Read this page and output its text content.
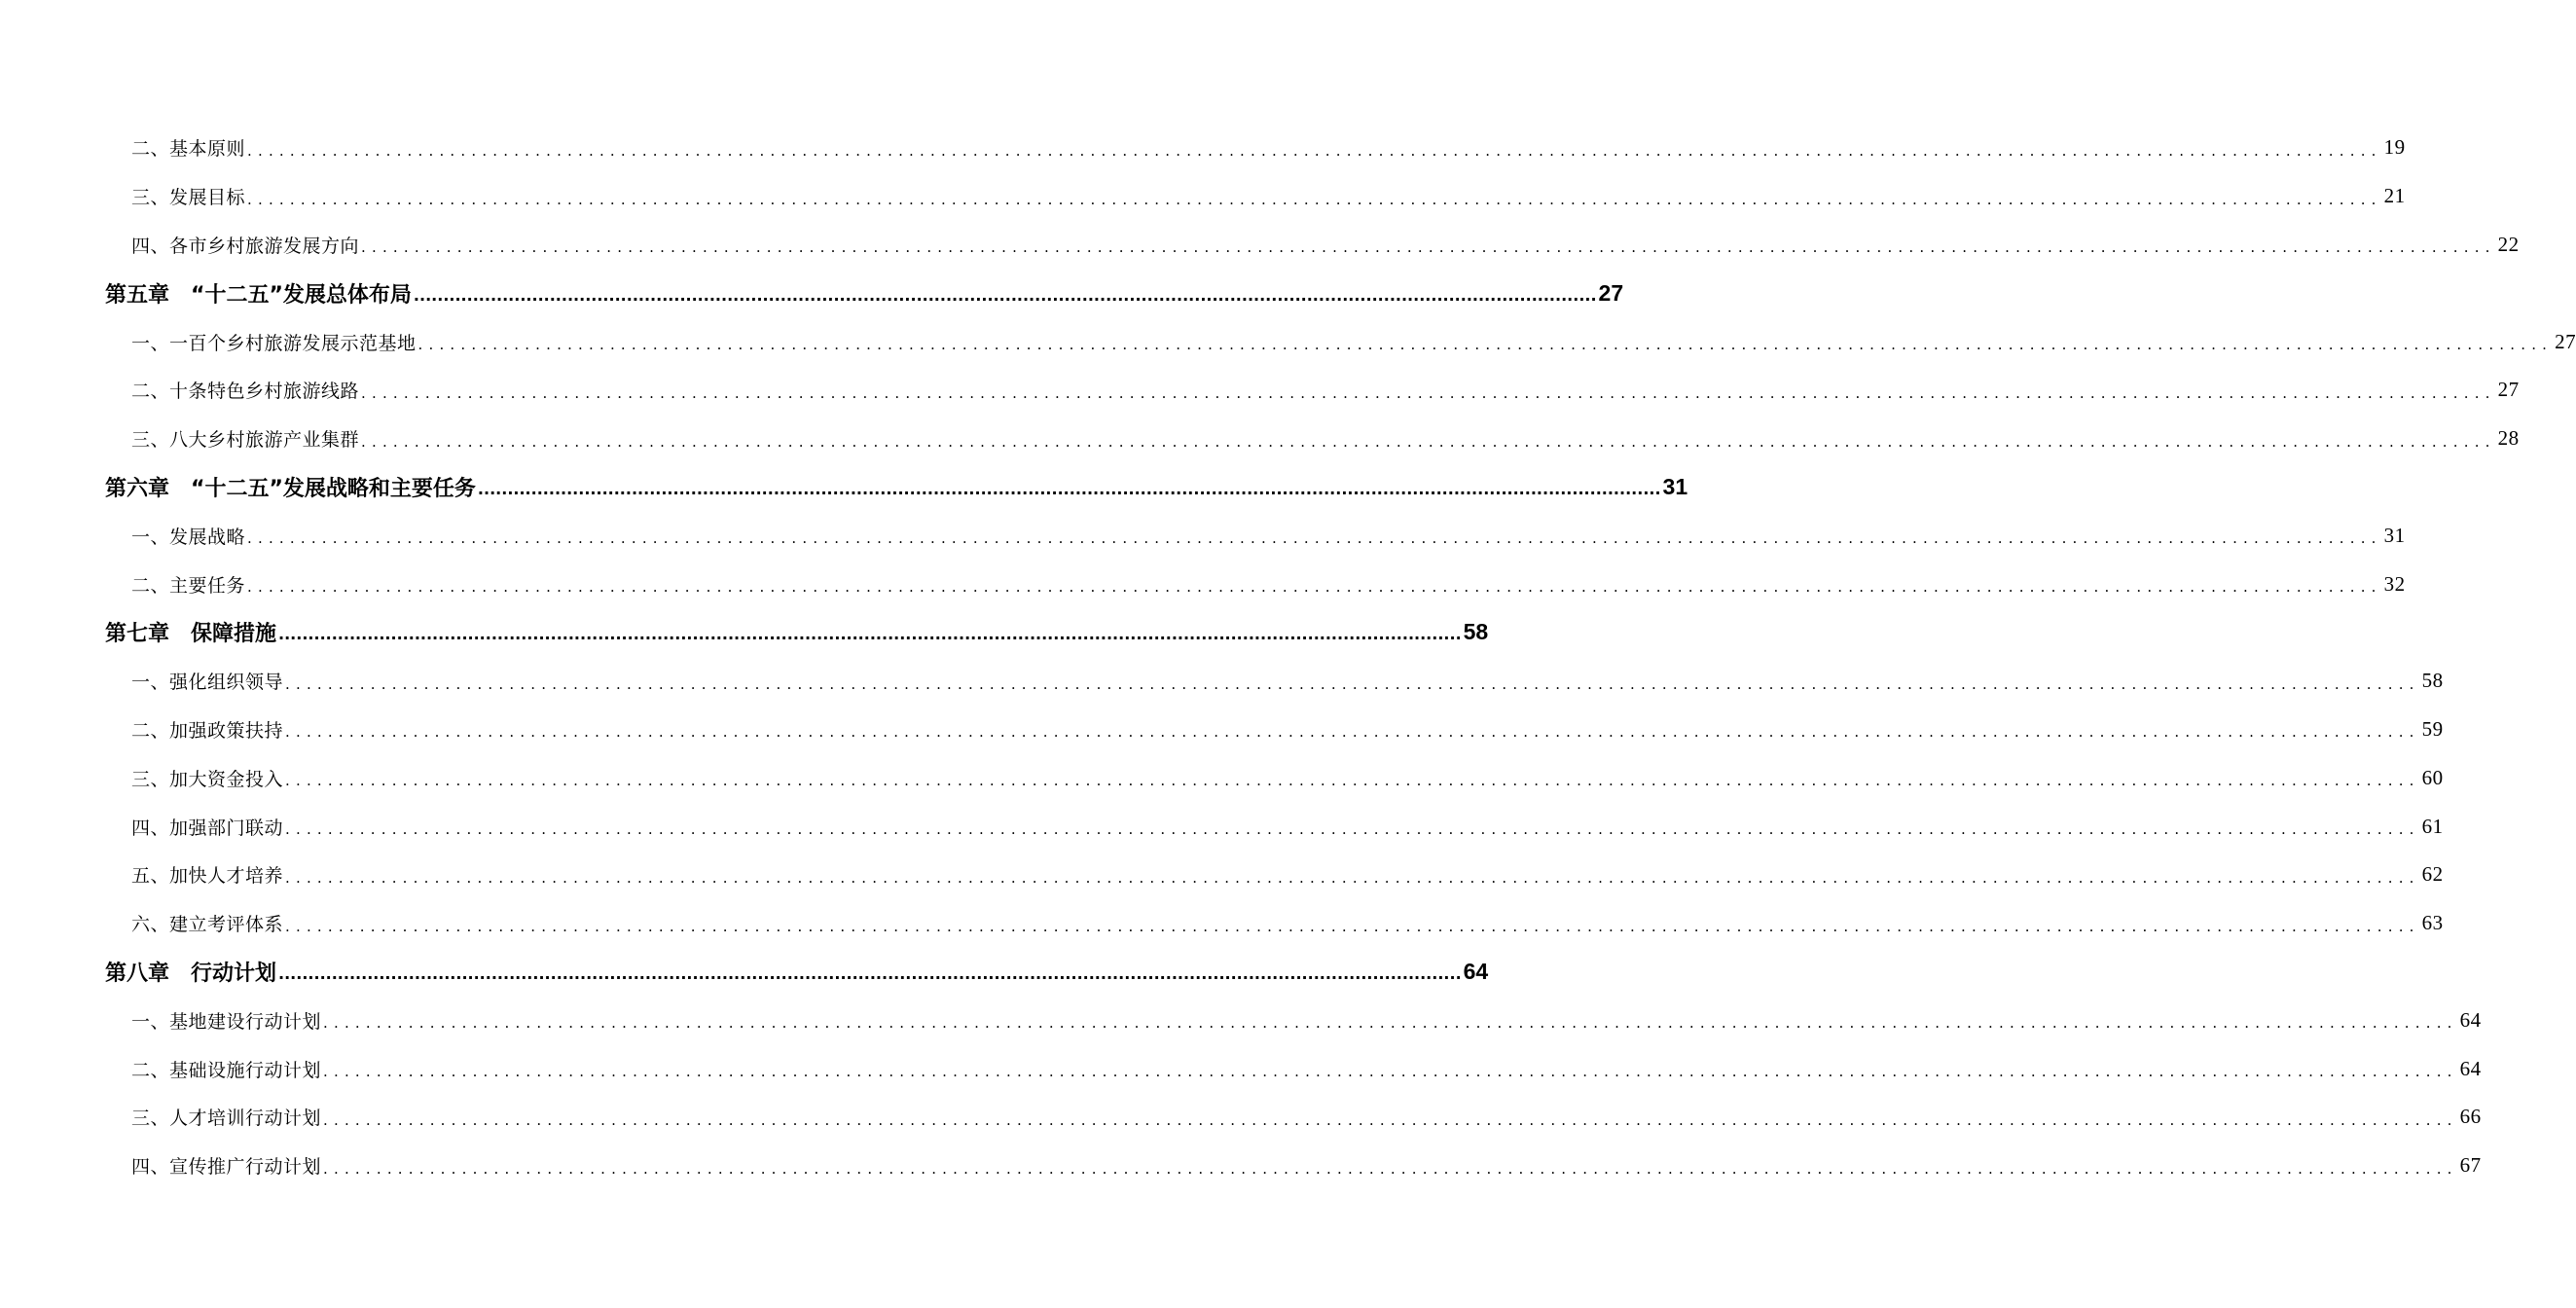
二、基本原则 ........................................................................................................................................................................................................ 19
三、发展目标 ........................................................................................................................................................................................................ 21
四、各市乡村旅游发展方向 ........................................................................................................................................................................................................ 22
第五章　“十二五”发展总体布局 ........................................................................................................................................................................................................ 27
一、一百个乡村旅游发展示范基地 ........................................................................................................................................................................................................ 27
二、十条特色乡村旅游线路 ........................................................................................................................................................................................................ 27
三、八大乡村旅游产业集群 ........................................................................................................................................................................................................ 28
第六章　“十二五”发展战略和主要任务 ........................................................................................................................................................................................................ 31
一、发展战略 ........................................................................................................................................................................................................ 31
二、主要任务 ........................................................................................................................................................................................................ 32
第七章　保障措施 ........................................................................................................................................................................................................ 58
一、强化组织领导 ........................................................................................................................................................................................................ 58
二、加强政策扶持 ........................................................................................................................................................................................................ 59
三、加大资金投入 ........................................................................................................................................................................................................ 60
四、加强部门联动 ........................................................................................................................................................................................................ 61
五、加快人才培养 ........................................................................................................................................................................................................ 62
六、建立考评体系 ........................................................................................................................................................................................................ 63
第八章　行动计划 ........................................................................................................................................................................................................ 64
一、基地建设行动计划 ........................................................................................................................................................................................................ 64
二、基础设施行动计划 ........................................................................................................................................................................................................ 64
三、人才培训行动计划 ........................................................................................................................................................................................................ 66
四、宣传推广行动计划 ........................................................................................................................................................................................................ 67
